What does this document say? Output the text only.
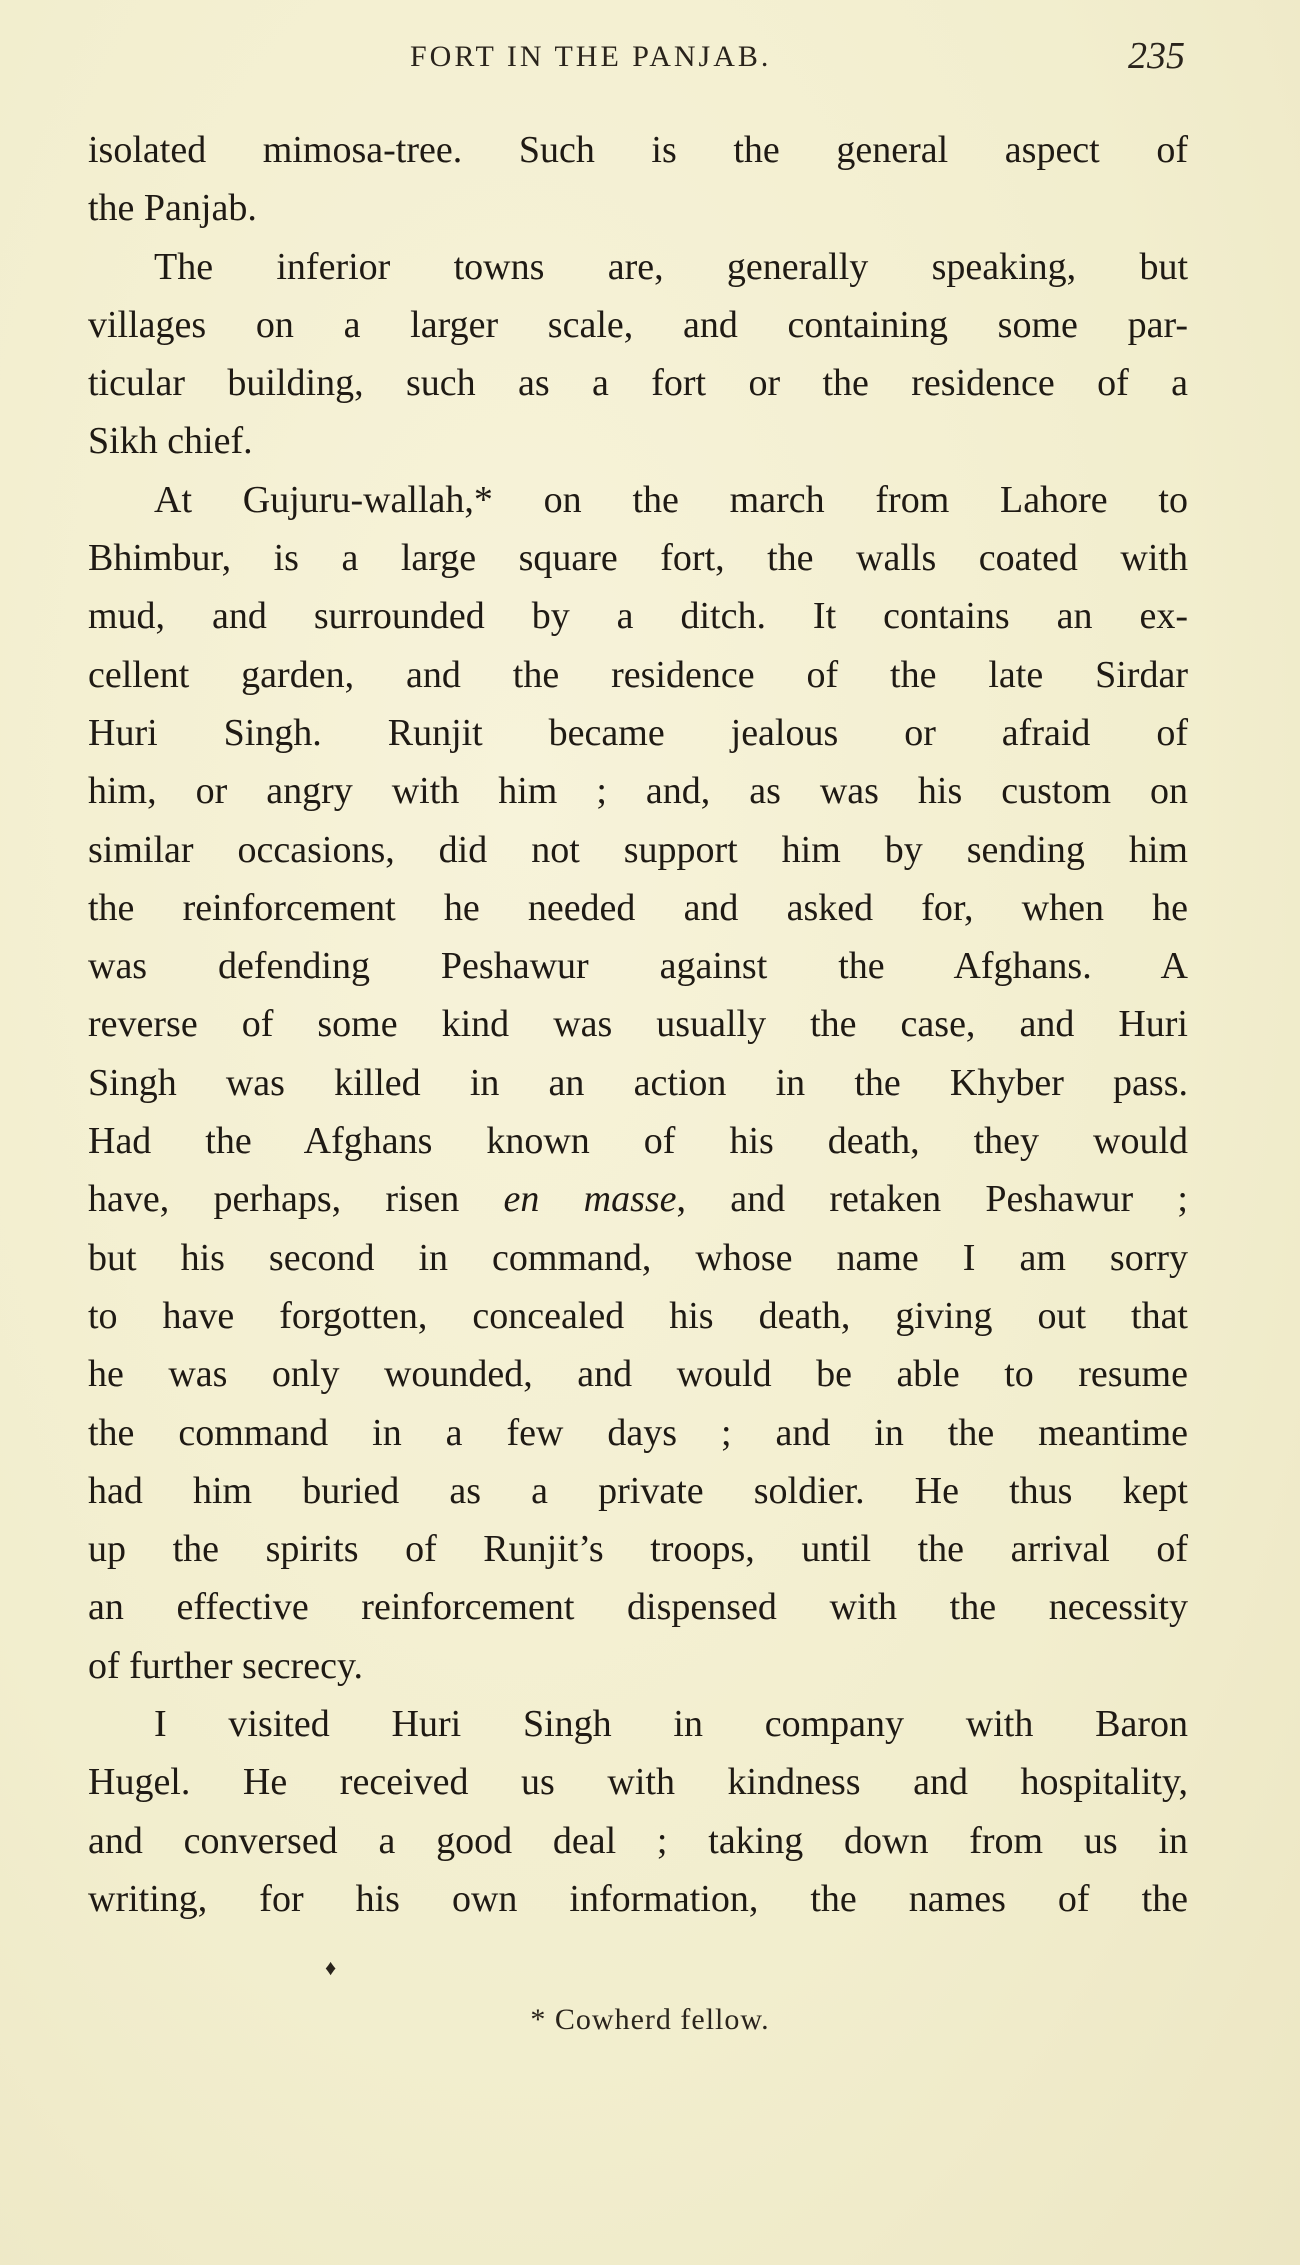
FORT IN THE PANJAB.	235
isolated mimosa-tree. Such is the general aspect of
the Panjab.
The inferior towns are, generally speaking, but
villages on a larger scale, and containing some par-
ticular building, such as a fort or the residence of a
Sikh chief.
At Gujuru-wallah,* on the march from Lahore to
Bhimbur, is a large square fort, the walls coated with
mud, and surrounded by a ditch. It contains an ex-
cellent garden, and the residence of the late Sirdar
Huri Singh. Runjit became jealous or afraid of
him, or angry with him ; and, as was his custom on
similar occasions, did not support him by sending him
the reinforcement he needed and asked for, when he
was defending Peshawur against the Afghans. A
reverse of some kind was usually the case, and Huri
Singh was killed in an action in the Khyber pass.
Had the Afghans known of his death, they would
have, perhaps, risen en masse, and retaken Peshawur ;
but his second in command, whose name I am sorry
to have forgotten, concealed his death, giving out that
he was only wounded, and would be able to resume
the command in a few days ; and in the meantime
had him buried as a private soldier. He thus kept
up the spirits of Runjit’s troops, until the arrival of
an effective reinforcement dispensed with the necessity
of further secrecy.
I visited Huri Singh in company with Baron
Hugel. He received us with kindness and hospitality,
and conversed a good deal ; taking down from us in
writing, for his own information, the names of the
♦
* Cowherd fellow.
